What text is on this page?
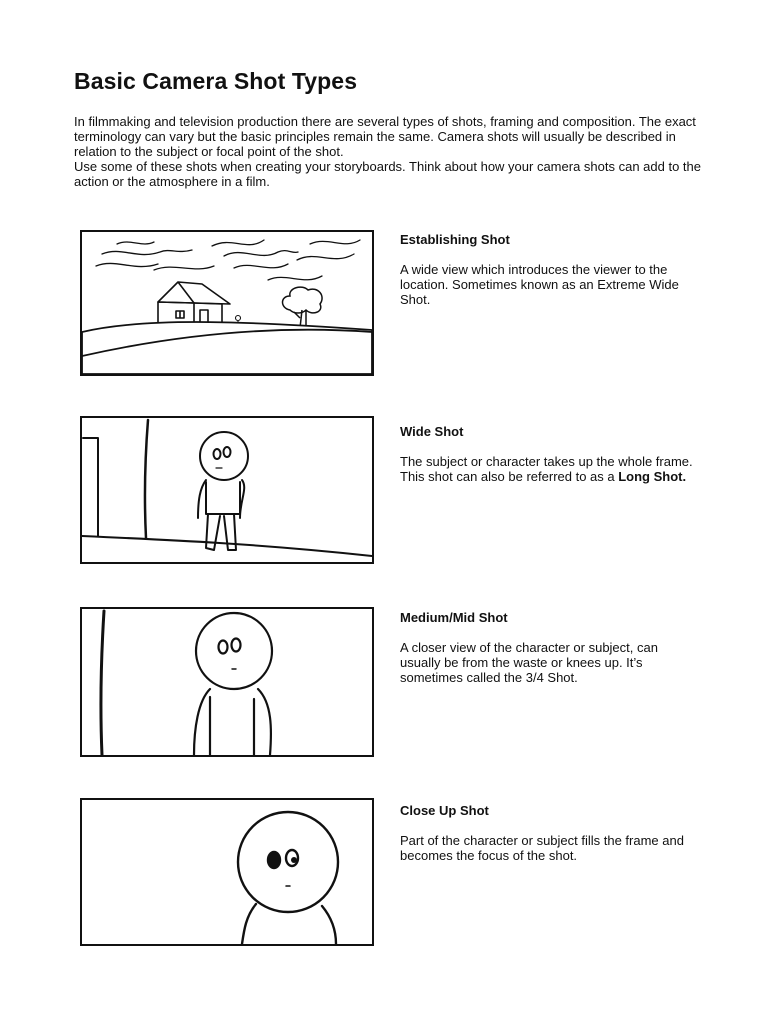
Basic Camera Shot Types

In filmmaking and television production there are several types of shots, framing and composition. The exact terminology can vary but the basic principles remain the same. Camera shots will usually be described in relation to the subject or focal point of the shot.

Use some of these shots when creating your storyboards. Think about how your camera shots can add to the action or the atmosphere in a film.

Establishing Shot

A wide view which introduces the viewer to the location. Sometimes known as an Extreme Wide Shot.

Wide Shot

The subject or character takes up the whole frame.

This shot can also be referred to as a Long Shot.

Medium/Mid Shot

A closer view of the character or subject, can usually be from the waste or knees up. It’s sometimes called the 3/4 Shot.

Close Up Shot

Part of the character or subject fills the frame and becomes the focus of the shot.
